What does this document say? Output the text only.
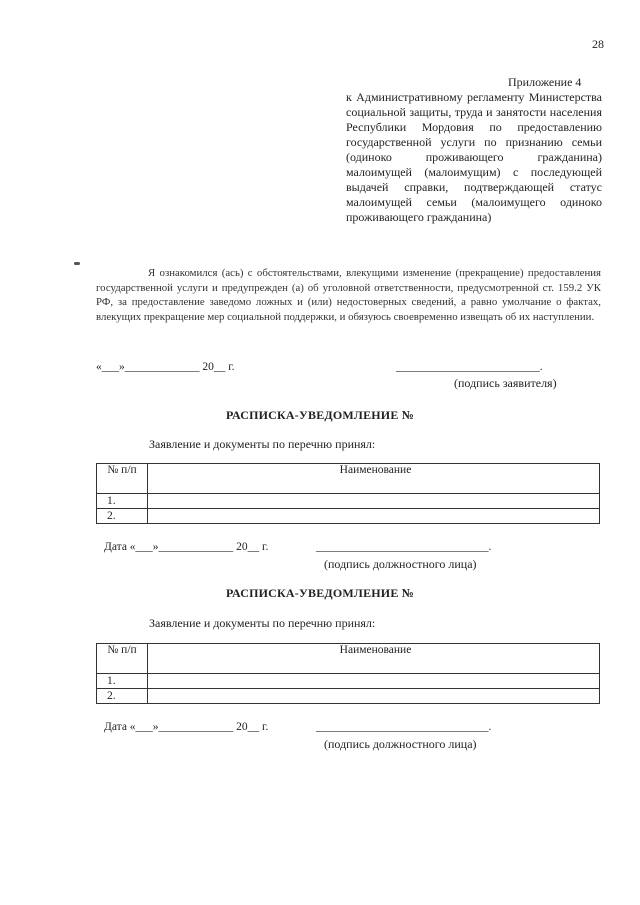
28
Приложение 4
к Административному регламенту Министерства социальной защиты, труда и занятости населения Республики Мордовия по предоставлению государственной услуги по признанию семьи (одиноко проживающего гражданина) малоимущей (малоимущим) с последующей выдачей справки, подтверждающей статус малоимущей семьи (малоимущего одиноко проживающего гражданина)
Я ознакомился (ась) с обстоятельствами, влекущими изменение (прекращение) предоставления государственной услуги и предупрежден (а) об уголовной ответственности, предусмотренной ст. 159.2 УК РФ, за предоставление заведомо ложных и (или) недостоверных сведений, а равно умолчание о фактах, влекущих прекращение мер социальной поддержки, и обязуюсь своевременно извещать об их наступлении.
«___»_____________ 20__ г.	_________________________.
(подпись заявителя)
РАСПИСКА-УВЕДОМЛЕНИЕ №
Заявление и документы по перечню принял:
№ п/п	Наименование
1.	
2.	
Дата «___»_____________ 20__ г.	______________________________.
(подпись должностного лица)
РАСПИСКА-УВЕДОМЛЕНИЕ №
Заявление и документы по перечню принял:
№ п/п	Наименование
1.	
2.	
Дата «___»_____________ 20__ г.	______________________________.
(подпись должностного лица)
